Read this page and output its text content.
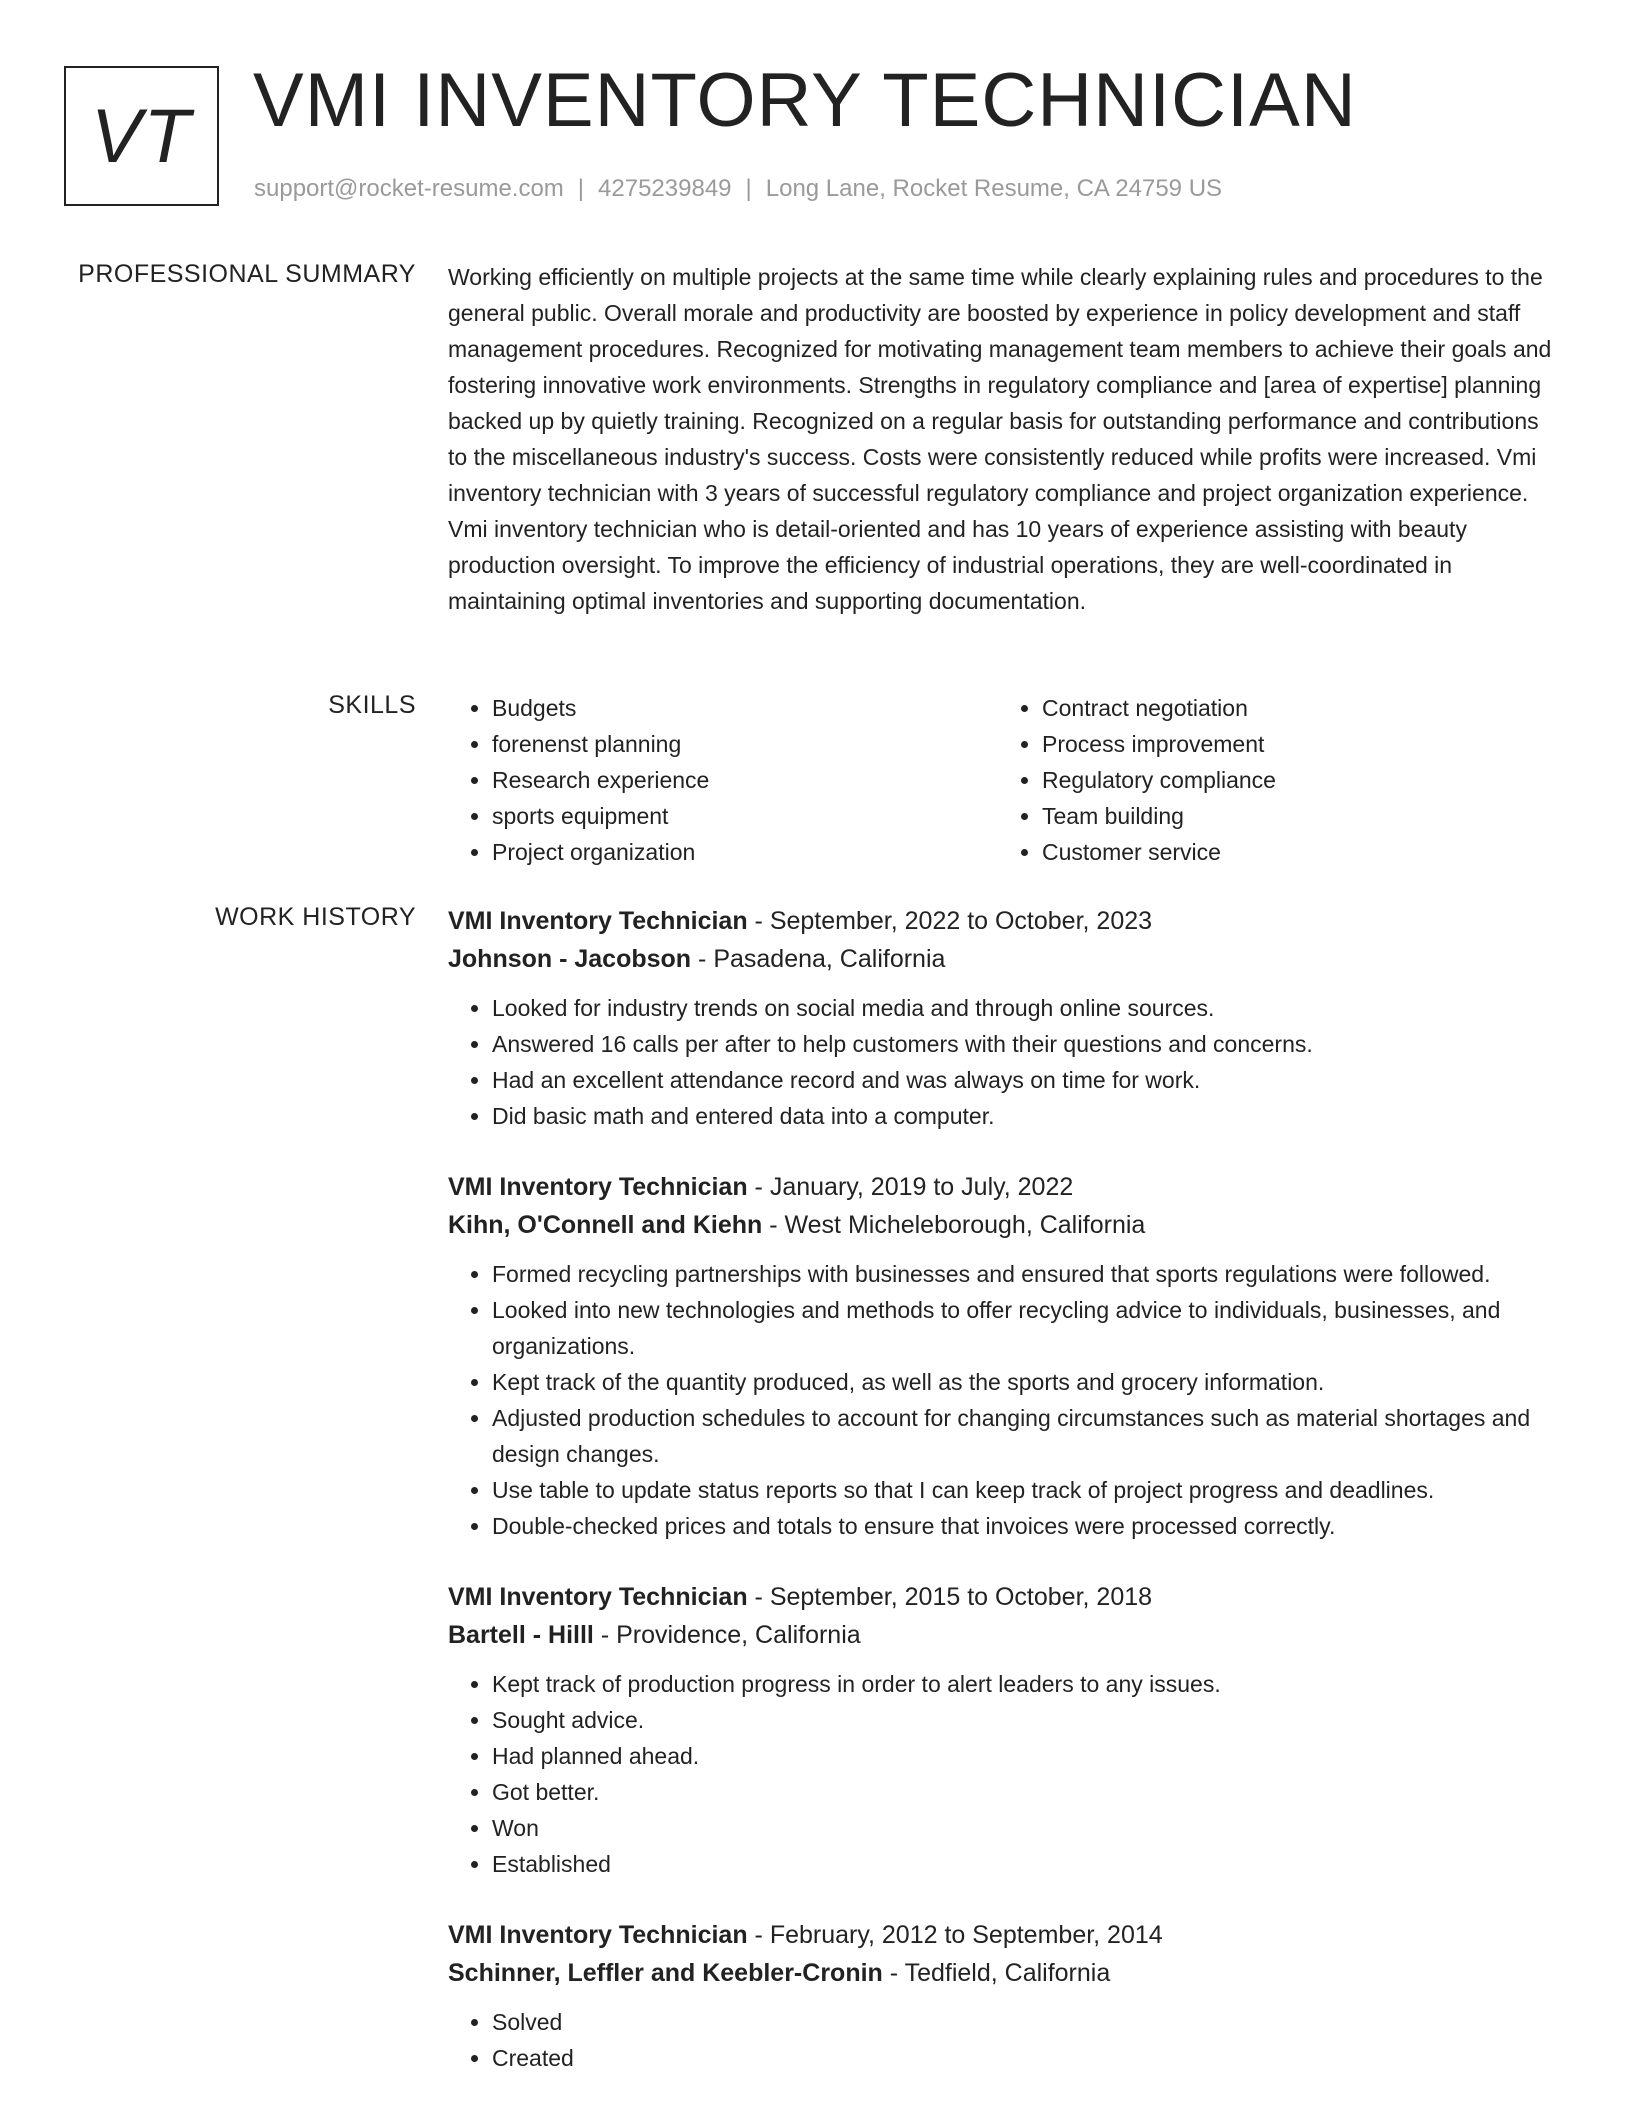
VT VMI INVENTORY TECHNICIAN
support@rocket-resume.com | 4275239849 | Long Lane, Rocket Resume, CA 24759 US
PROFESSIONAL SUMMARY Working efficiently on multiple projects at the same time while clearly explaining rules and procedures to the general public. Overall morale and productivity are boosted by experience in policy development and staff management procedures. Recognized for motivating management team members to achieve their goals and fostering innovative work environments. Strengths in regulatory compliance and [area of expertise] planning backed up by quietly training. Recognized on a regular basis for outstanding performance and contributions to the miscellaneous industry's success. Costs were consistently reduced while profits were increased. Vmi inventory technician with 3 years of successful regulatory compliance and project organization experience. Vmi inventory technician who is detail-oriented and has 10 years of experience assisting with beauty production oversight. To improve the efficiency of industrial operations, they are well-coordinated in maintaining optimal inventories and supporting documentation.

SKILLS
•	Budgets
• forenenst planning
• Research experience
• sports equipment
• Project organization
• Contract negotiation
• Process improvement
• Regulatory compliance
• Team building
• Customer service
WORK HISTORY VMI Inventory Technician - September, 2022 to October, 2023
Johnson - Jacobson - Pasadena, California
• Looked for industry trends on social media and through online sources.
• Answered 16 calls per after to help customers with their questions and concerns.
• Had an excellent attendance record and was always on time for work.
• Did basic math and entered data into a computer.
VMI Inventory Technician - January, 2019 to July, 2022
Kihn, O'Connell and Kiehn - West Micheleborough, California
• Formed recycling partnerships with businesses and ensured that sports regulations were followed.
• Looked into new technologies and methods to offer recycling advice to individuals, businesses, and organizations.
• Kept track of the quantity produced, as well as the sports and grocery information.
• Adjusted production schedules to account for changing circumstances such as material shortages and design changes.
• Use table to update status reports so that I can keep track of project progress and deadlines.
• Double-checked prices and totals to ensure that invoices were processed correctly.
VMI Inventory Technician - September, 2015 to October, 2018
Bartell - Hilll - Providence, California
• Kept track of production progress in order to alert leaders to any issues.
• Sought advice.
• Had planned ahead.
• Got better.
• Won
• Established
VMI Inventory Technician - February, 2012 to September, 2014
Schinner, Leffler and Keebler-Cronin - Tedfield, California
• Solved
• Created
